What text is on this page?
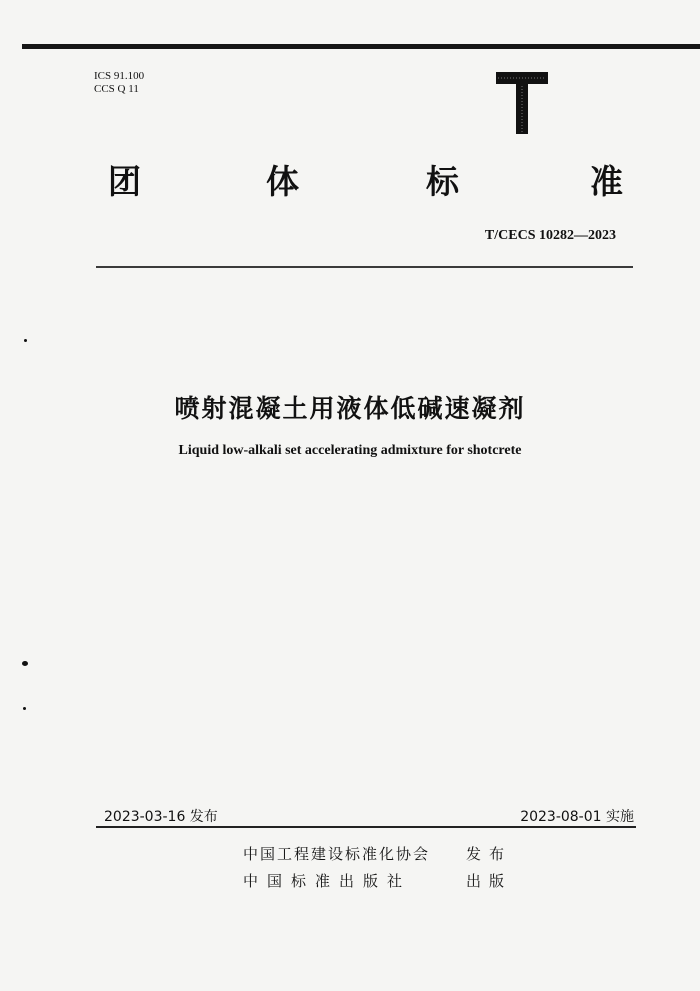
ICS 91.100
CCS Q 11
团	体	标	准
T/CECS 10282—2023
喷射混凝土用液体低碱速凝剂
Liquid low-alkali set accelerating admixture for shotcrete
2023-03-16 发布	2023-08-01 实施
中国工程建设标准化协会 发布
中国标准出版社	出版
